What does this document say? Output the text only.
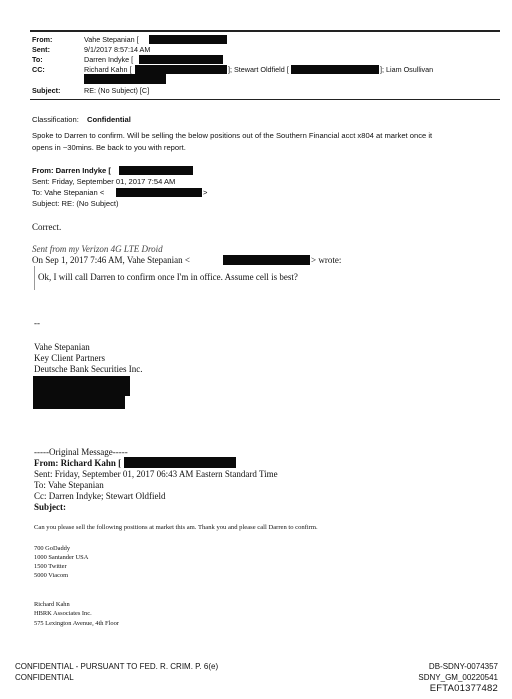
From:	Vahe Stepanian [
Sent:	9/1/2017 8:57:14 AM
To:	Darren Indyke [
CC:	Richard Kahn [	]; Stewart Oldfield [	]; Liam Osullivan
Subject:	RE: (No Subject) [C]
Classification: Confidential
Spoke to Darren to confirm. Will be selling the below positions out of the Southern Financial acct x804 at market once it
opens in ~30mins. Be back to you with report.
From: Darren Indyke [
Sent: Friday, September 01, 2017 7:54 AM
To: Vahe Stepanian <	>
Subject: RE: (No Subject)
Correct.
Sent from my Verizon 4G LTE Droid
On Sep 1, 2017 7:46 AM, Vahe Stepanian <	> wrote:
Ok, I will call Darren to confirm once I'm in office. Assume cell is best?
--
Vahe Stepanian
Key Client Partners
Deutsche Bank Securities Inc.
-----Original Message-----
From: Richard Kahn [
Sent: Friday, September 01, 2017 06:43 AM Eastern Standard Time
To: Vahe Stepanian
Cc: Darren Indyke; Stewart Oldfield
Subject:
Can you please sell the following positions at market this am. Thank you and please call Darren to confirm.
700 GoDaddy
1000 Santander USA
1500 Twitter
5000 Viacom
Richard Kahn
HBRK Associates Inc.
575 Lexington Avenue, 4th Floor
CONFIDENTIAL - PURSUANT TO FED. R. CRIM. P. 6(e)
CONFIDENTIAL
DB-SDNY-0074357
SDNY_GM_00220541
EFTA01377482
